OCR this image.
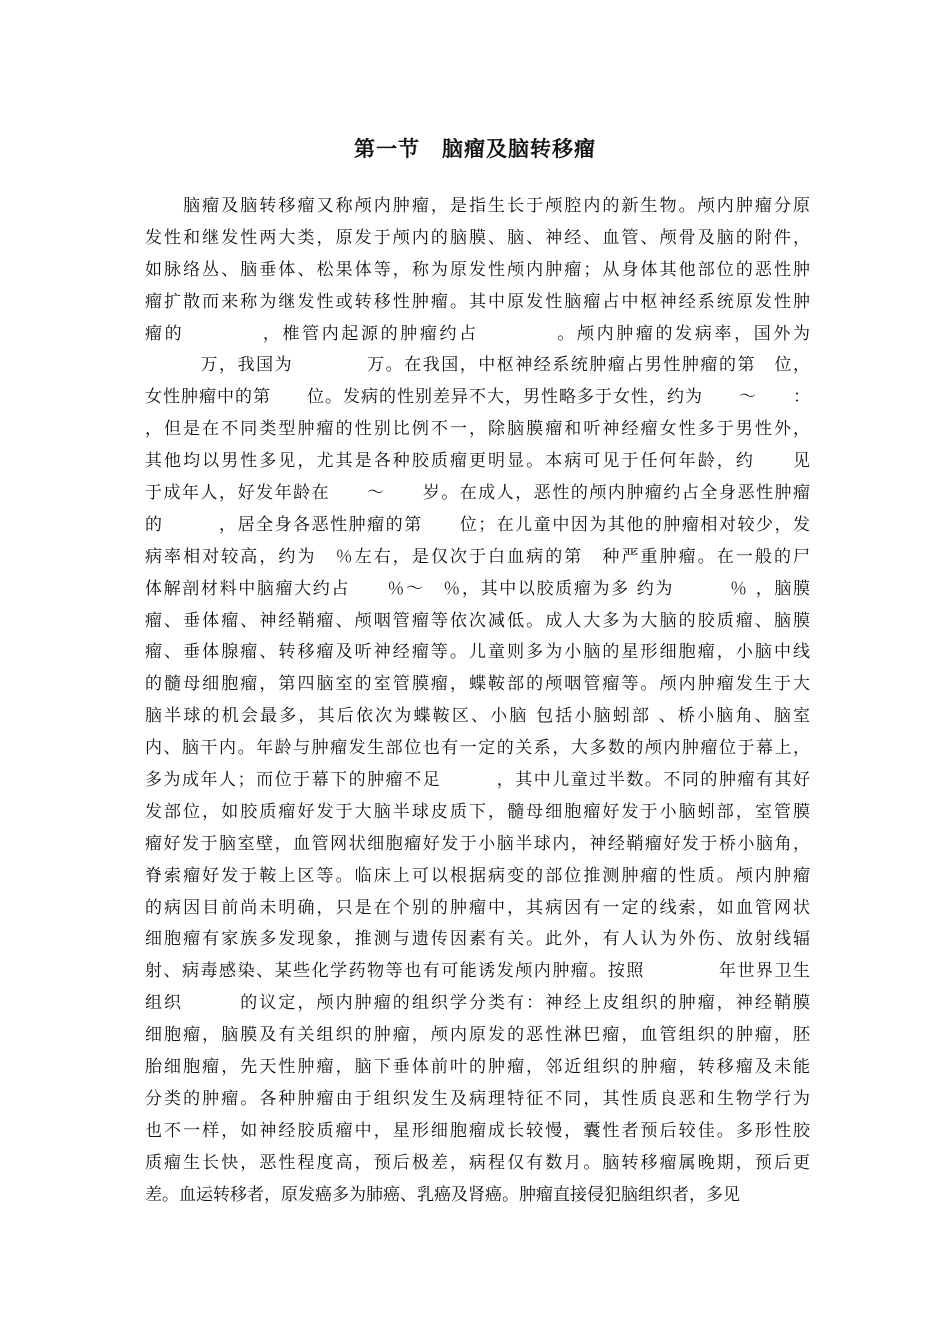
第一节　脑瘤及脑转移瘤
　　脑瘤及脑转移瘤又称颅内肿瘤，是指生长于颅腔内的新生物。颅内肿瘤分原
发性和继发性两大类，原发于颅内的脑膜、脑、神经、血管、颅骨及脑的附件，
如脉络丛、脑垂体、松果体等，称为原发性颅内肿瘤；从身体其他部位的恶性肿
瘤扩散而来称为继发性或转移性肿瘤。其中原发性脑瘤占中枢神经系统原发性肿
瘤的　　　　，椎管内起源的肿瘤约占　　　　。颅内肿瘤的发病率，国外为
　　　万，我国为　　　　万。在我国，中枢神经系统肿瘤占男性肿瘤的第　位，
女性肿瘤中的第　　位。发病的性别差异不大，男性略多于女性，约为　　～　　：
，但是在不同类型肿瘤的性别比例不一，除脑膜瘤和听神经瘤女性多于男性外，
其他均以男性多见，尤其是各种胶质瘤更明显。本病可见于任何年龄，约　　见
于成年人，好发年龄在　　～　　岁。在成人，恶性的颅内肿瘤约占全身恶性肿瘤
的　　　，居全身各恶性肿瘤的第　　位；在儿童中因为其他的肿瘤相对较少，发
病率相对较高，约为　％左右，是仅次于白血病的第　种严重肿瘤。在一般的尸
体解剖材料中脑瘤大约占　　％～　％，其中以胶质瘤为多 约为　　　％ ，脑膜
瘤、垂体瘤、神经鞘瘤、颅咽管瘤等依次减低。成人大多为大脑的胶质瘤、脑膜
瘤、垂体腺瘤、转移瘤及听神经瘤等。儿童则多为小脑的星形细胞瘤，小脑中线
的髓母细胞瘤，第四脑室的室管膜瘤，蝶鞍部的颅咽管瘤等。颅内肿瘤发生于大
脑半球的机会最多，其后依次为蝶鞍区、小脑 包括小脑蚓部 、桥小脑角、脑室
内、脑干内。年龄与肿瘤发生部位也有一定的关系，大多数的颅内肿瘤位于幕上，
多为成年人；而位于幕下的肿瘤不足　　　，其中儿童过半数。不同的肿瘤有其好
发部位，如胶质瘤好发于大脑半球皮质下，髓母细胞瘤好发于小脑蚓部，室管膜
瘤好发于脑室壁，血管网状细胞瘤好发于小脑半球内，神经鞘瘤好发于桥小脑角，
脊索瘤好发于鞍上区等。临床上可以根据病变的部位推测肿瘤的性质。颅内肿瘤
的病因目前尚未明确，只是在个别的肿瘤中，其病因有一定的线索，如血管网状
细胞瘤有家族多发现象，推测与遗传因素有关。此外，有人认为外伤、放射线辐
射、病毒感染、某些化学药物等也有可能诱发颅内肿瘤。按照　　　　年世界卫生
组织　　　的议定，颅内肿瘤的组织学分类有：神经上皮组织的肿瘤，神经鞘膜
细胞瘤，脑膜及有关组织的肿瘤，颅内原发的恶性淋巴瘤，血管组织的肿瘤，胚
胎细胞瘤，先天性肿瘤，脑下垂体前叶的肿瘤，邻近组织的肿瘤，转移瘤及未能
分类的肿瘤。各种肿瘤由于组织发生及病理特征不同，其性质良恶和生物学行为
也不一样，如神经胶质瘤中，星形细胞瘤成长较慢，囊性者预后较佳。多形性胶
质瘤生长快，恶性程度高，预后极差，病程仅有数月。脑转移瘤属晚期，预后更
差。血运转移者，原发癌多为肺癌、乳癌及肾癌。肿瘤直接侵犯脑组织者，多见
